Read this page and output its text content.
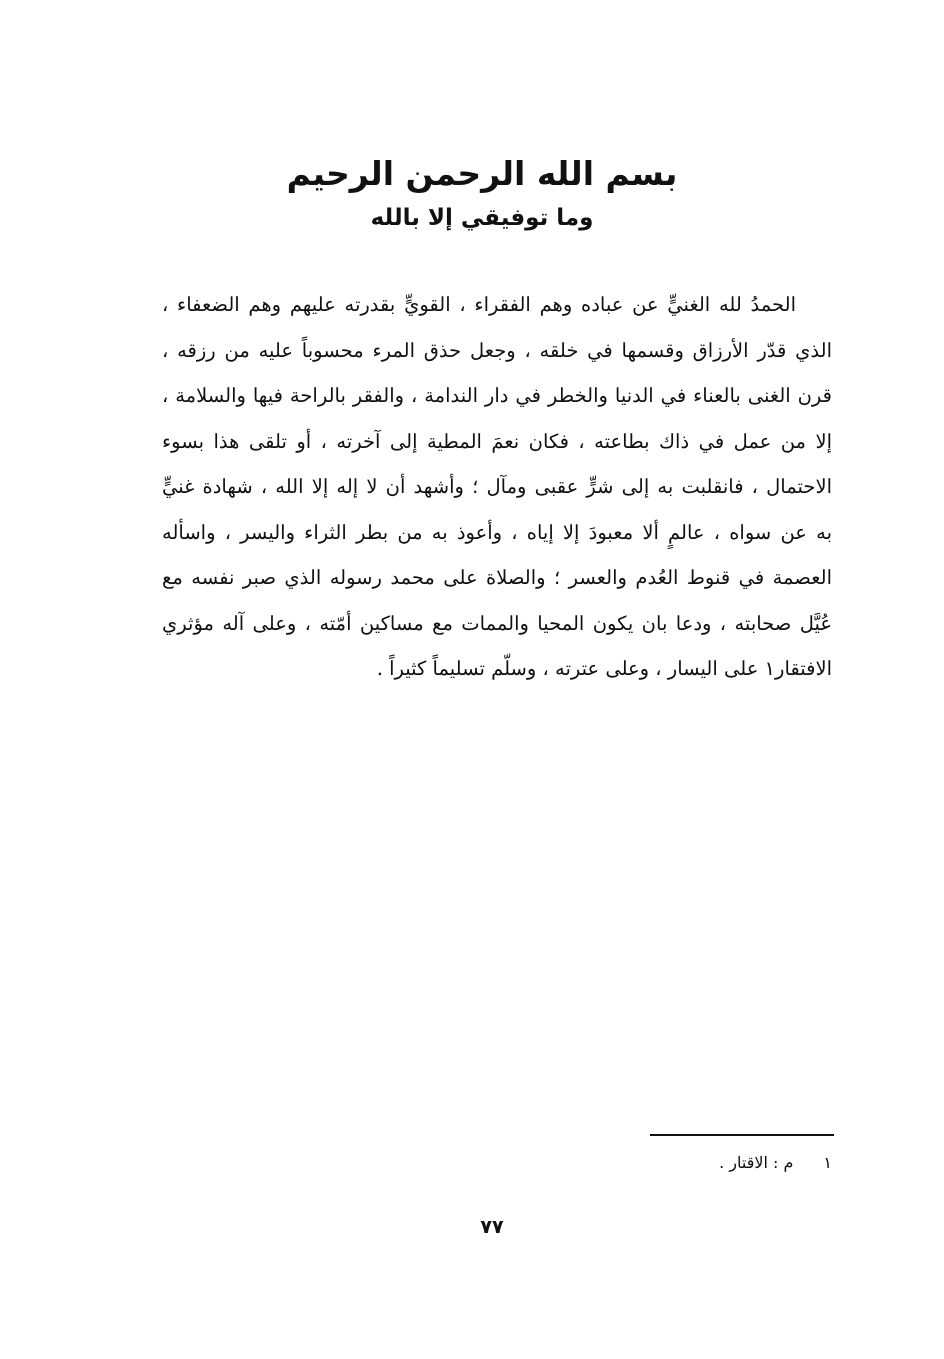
بسم الله الرحمن الرحيم
وما توفيقي إلا بالله
الحمدُ لله الغنيٍّ عن عباده وهم الفقراء ، القويٍّ بقدرته عليهم وهم الضعفاء ،
الذي قدّر الأرزاق وقسمها في خلقه ، وجعل حذق المرء محسوباً عليه من رزقه ،
قرن الغنى بالعناء في الدنيا والخطر في دار الندامة ، والفقر بالراحة فيها والسلامة ،
إلا من عمل في ذاك بطاعته ، فكان نعمَ المطية إلى آخرته ، أو تلقى هذا بسوء
الاحتمال ، فانقلبت به إلى شرٍّ عقبى ومآل ؛ وأشهد أن لا إله إلا الله ، شهادة غنيٍّ
به عن سواه ، عالمٍ ألا معبودَ إلا إياه ، وأعوذ به من بطر الثراء واليسر ، واسأله
العصمة في قنوط العُدم والعسر ؛ والصلاة على محمد رسوله الذي صبر نفسه مع
عُيَّل صحابته ، ودعا بان يكون المحيا والممات مع مساكين أمّته ، وعلى آله مؤثري
الافتقار١ على اليسار ، وعلى عترته ، وسلّم تسليماً كثيراً .
١م : الاقتار .
٧٧
